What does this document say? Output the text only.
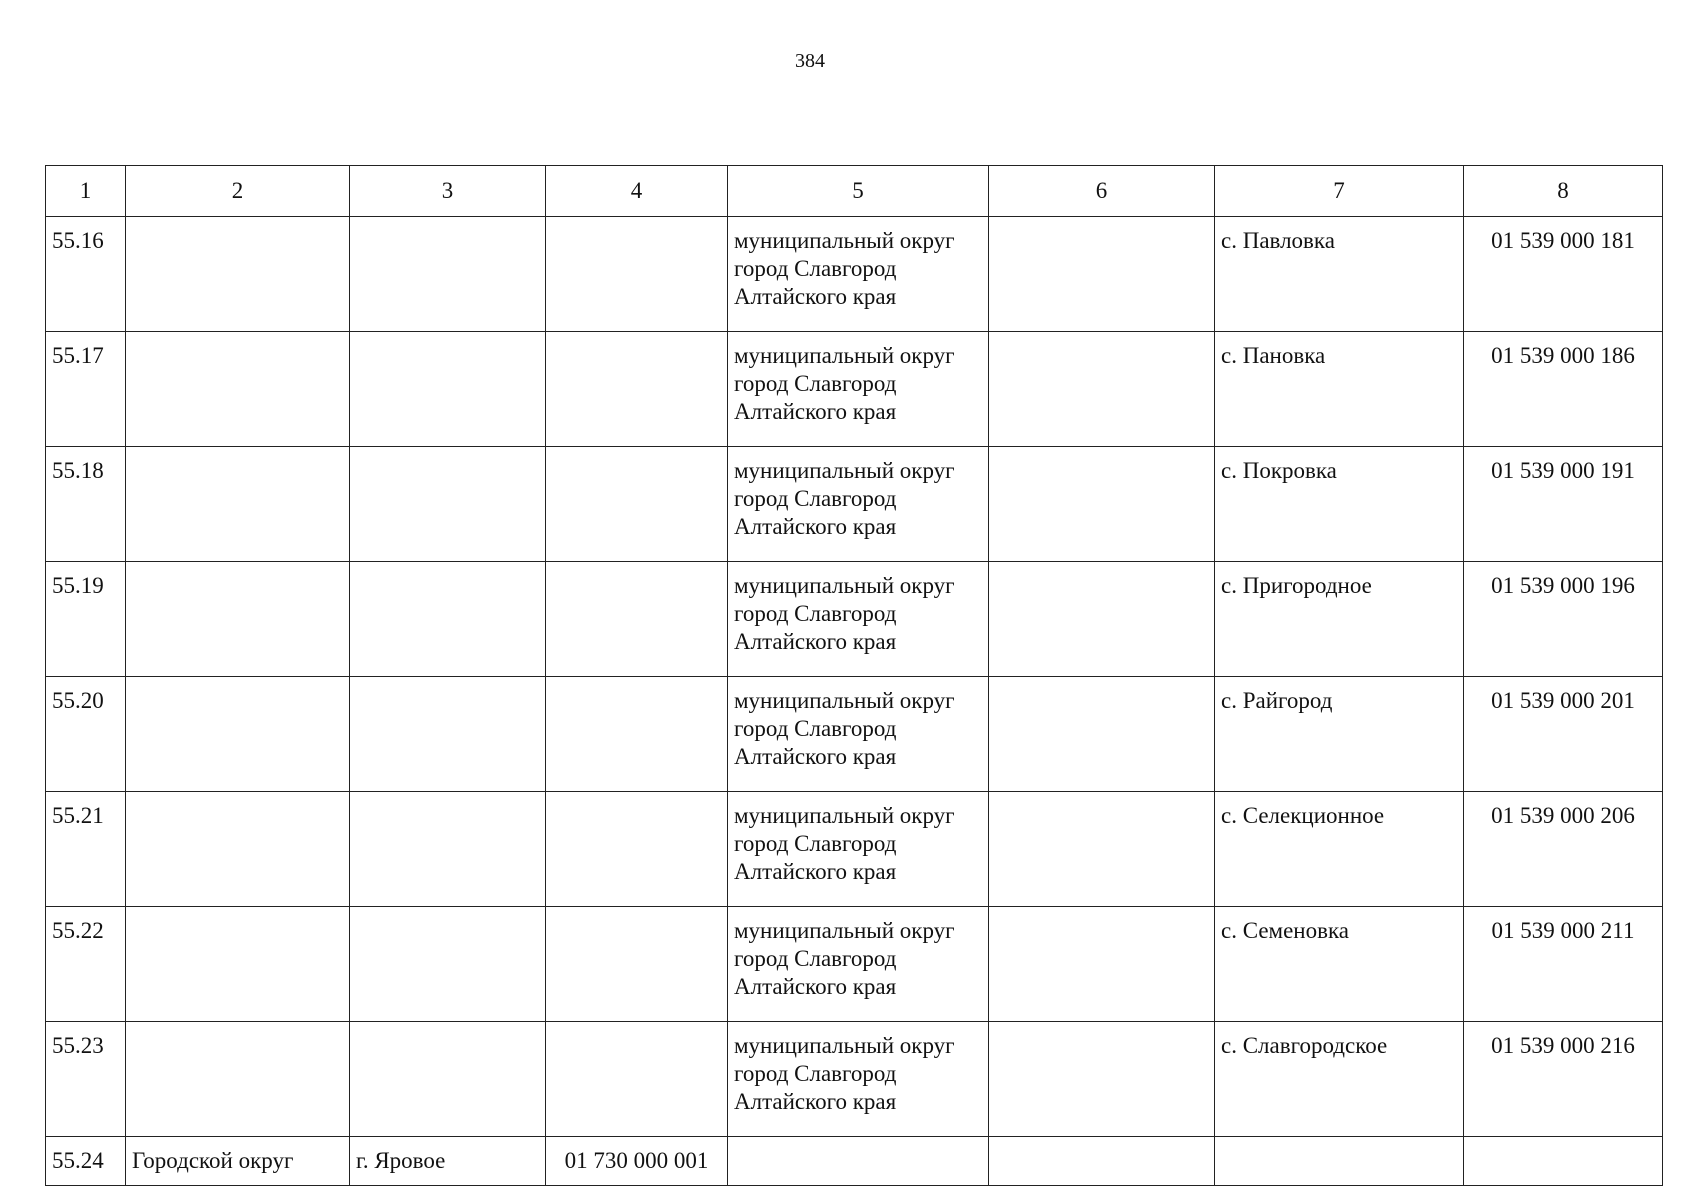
384
1	2	3	4	5	6	7	8
55.16				муниципальный округ город Славгород Алтайского края		с. Павловка	01 539 000 181
55.17				муниципальный округ город Славгород Алтайского края		с. Пановка	01 539 000 186
55.18				муниципальный округ город Славгород Алтайского края		с. Покровка	01 539 000 191
55.19				муниципальный округ город Славгород Алтайского края		с. Пригородное	01 539 000 196
55.20				муниципальный округ город Славгород Алтайского края		с. Райгород	01 539 000 201
55.21				муниципальный округ город Славгород Алтайского края		с. Селекционное	01 539 000 206
55.22				муниципальный округ город Славгород Алтайского края		с. Семеновка	01 539 000 211
55.23				муниципальный округ город Славгород Алтайского края		с. Славгородское	01 539 000 216
55.24	Городской округ	г. Яровое	01 730 000 001				
